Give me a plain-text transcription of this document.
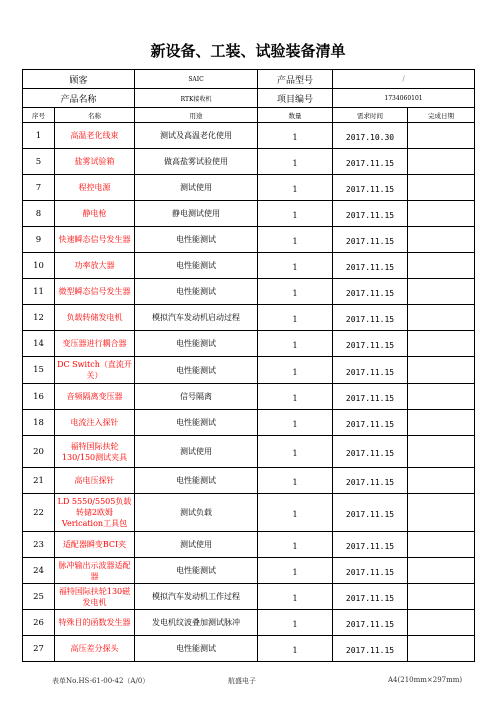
新设备、工装、试验装备清单
顾客		SAIC	产品型号	/	
产品名称		RTK接收机	项目编号	1734060101	
序号	名称	用途	数量	需求时间	完成日期
1	高温老化线束	测试及高温老化使用	1	2017.10.30	
5	盐雾试验箱	做高盐雾试验使用	1	2017.11.15	
7	程控电源	测试使用	1	2017.11.15	
8	静电枪	静电测试使用	1	2017.11.15	
9	快速瞬态信号发生器	电性能测试	1	2017.11.15	
10	功率放大器	电性能测试	1	2017.11.15	
11	微型瞬态信号发生器	电性能测试	1	2017.11.15	
12	负载转储发电机	模拟汽车发动机启动过程	1	2017.11.15	
14	变压器进行耦合器	电性能测试	1	2017.11.15	
15	DC Switch（直流开关）	电性能测试	1	2017.11.15	
16	音频隔离变压器	信号隔离	1	2017.11.15	
18	电流注入探针	电性能测试	1	2017.11.15	
20	福特国际扶轮130/150测试夹具	测试使用	1	2017.11.15	
21	高电压探针	电性能测试	1	2017.11.15	
22	LD 5550/5505负载转储2欧姆Verication工具包	测试负载	1	2017.11.15	
23	适配器瞬变BCI夹	测试使用	1	2017.11.15	
24	脉冲输出示波器适配器	电性能测试	1	2017.11.15	
25	福特国际扶轮130磁发电机	模拟汽车发动机工作过程	1	2017.11.15	
26	特殊目的函数发生器	发电机纹波叠加测试脉冲	1	2017.11.15	
27	高压差分探头	电性能测试	1	2017.11.15	
表单No.HS-61-00-42（A/0）	航盛电子	A4(210mm×297mm)
